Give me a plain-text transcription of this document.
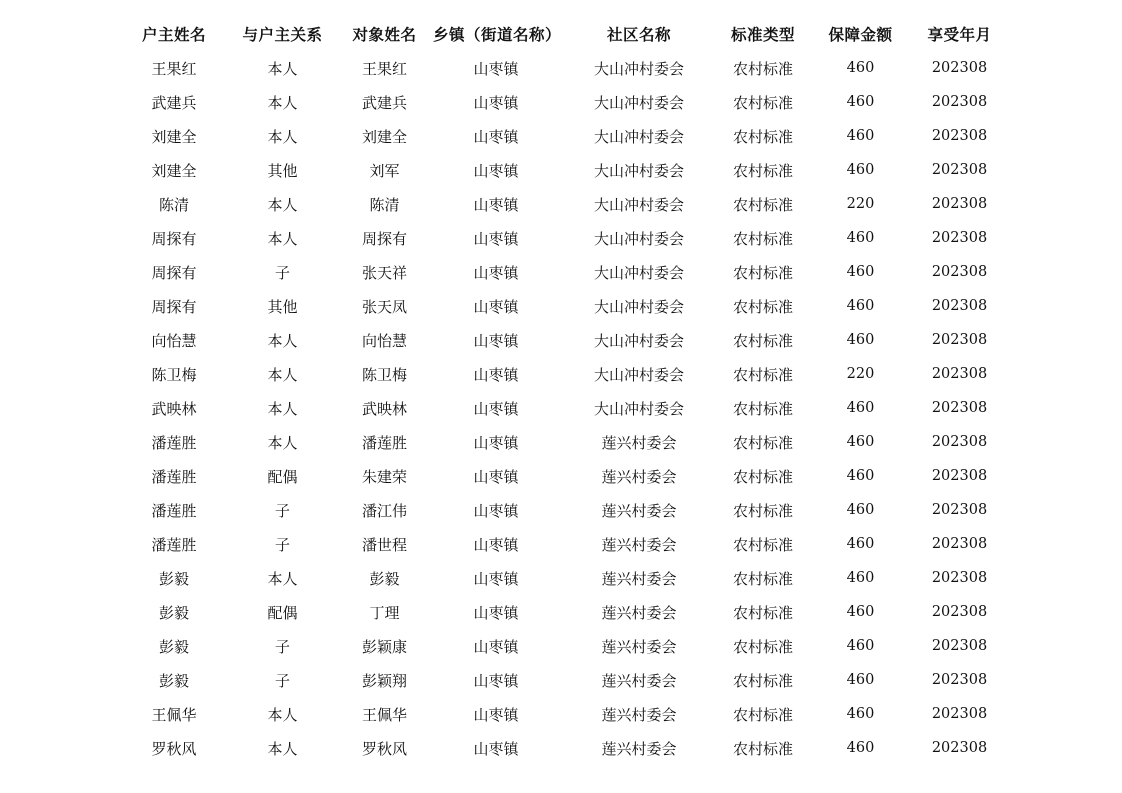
户主姓名	与户主关系	对象姓名	乡镇（街道名称）	社区名称	标准类型	保障金额	享受年月
王果红	本人	王果红	山枣镇	大山冲村委会	农村标准	460	202308
武建兵	本人	武建兵	山枣镇	大山冲村委会	农村标准	460	202308
刘建全	本人	刘建全	山枣镇	大山冲村委会	农村标准	460	202308
刘建全	其他	刘军	山枣镇	大山冲村委会	农村标准	460	202308
陈清	本人	陈清	山枣镇	大山冲村委会	农村标准	220	202308
周探有	本人	周探有	山枣镇	大山冲村委会	农村标准	460	202308
周探有	子	张天祥	山枣镇	大山冲村委会	农村标准	460	202308
周探有	其他	张天凤	山枣镇	大山冲村委会	农村标准	460	202308
向怡慧	本人	向怡慧	山枣镇	大山冲村委会	农村标准	460	202308
陈卫梅	本人	陈卫梅	山枣镇	大山冲村委会	农村标准	220	202308
武映林	本人	武映林	山枣镇	大山冲村委会	农村标准	460	202308
潘莲胜	本人	潘莲胜	山枣镇	莲兴村委会	农村标准	460	202308
潘莲胜	配偶	朱建荣	山枣镇	莲兴村委会	农村标准	460	202308
潘莲胜	子	潘江伟	山枣镇	莲兴村委会	农村标准	460	202308
潘莲胜	子	潘世程	山枣镇	莲兴村委会	农村标准	460	202308
彭毅	本人	彭毅	山枣镇	莲兴村委会	农村标准	460	202308
彭毅	配偶	丁理	山枣镇	莲兴村委会	农村标准	460	202308
彭毅	子	彭颖康	山枣镇	莲兴村委会	农村标准	460	202308
彭毅	子	彭颖翔	山枣镇	莲兴村委会	农村标准	460	202308
王佩华	本人	王佩华	山枣镇	莲兴村委会	农村标准	460	202308
罗秋风	本人	罗秋风	山枣镇	莲兴村委会	农村标准	460	202308
